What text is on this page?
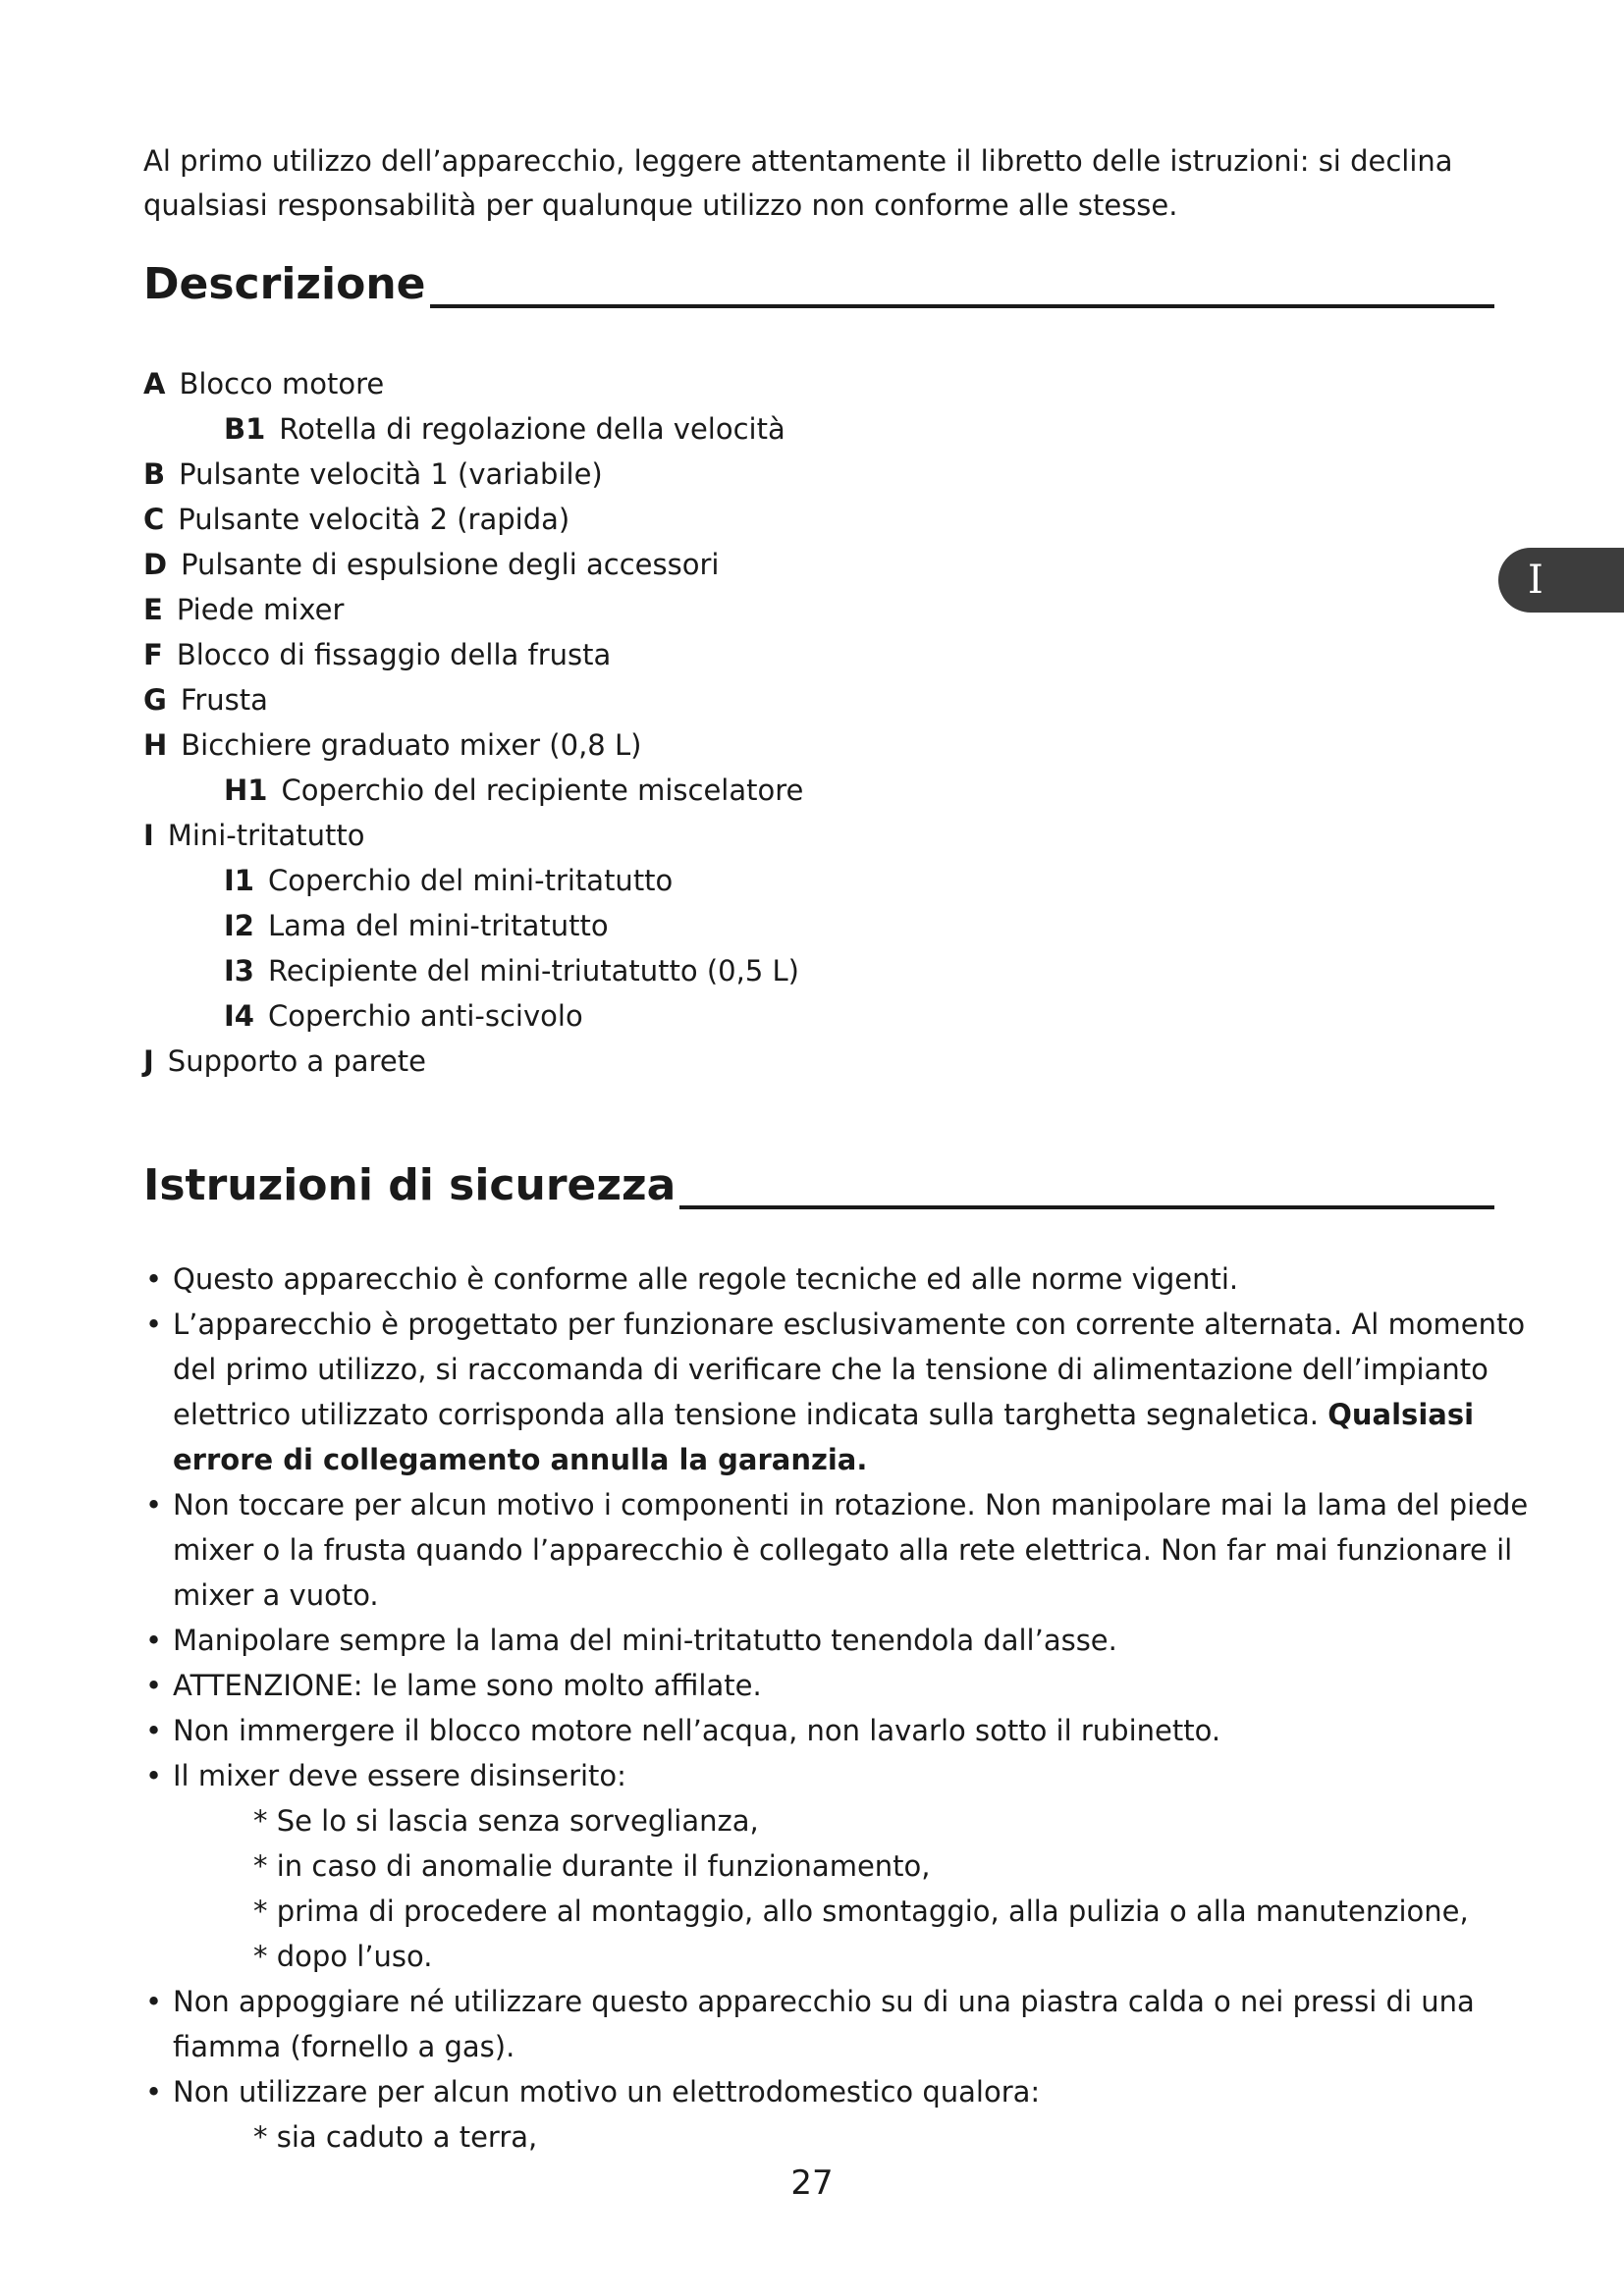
Al primo utilizzo dell’apparecchio, leggere attentamente il libretto delle istruzioni: si declina qualsiasi responsabilità per qualunque utilizzo non conforme alle stesse.

Descrizione
A Blocco motore
B1 Rotella di regolazione della velocità
B Pulsante velocità 1 (variabile)
C Pulsante velocità 2 (rapida)
D Pulsante di espulsione degli accessori
E Piede mixer
F Blocco di fissaggio della frusta
G Frusta
H Bicchiere graduato mixer (0,8 L)
H1 Coperchio del recipiente miscelatore
I Mini-tritatutto
I1 Coperchio del mini-tritatutto
I2 Lama del mini-tritatutto
I3 Recipiente del mini-triutatutto (0,5 L)
I4 Coperchio anti-scivolo
J Supporto a parete
Istruzioni di sicurezza
• Questo apparecchio è conforme alle regole tecniche ed alle norme vigenti.
• L’apparecchio è progettato per funzionare esclusivamente con corrente alternata. Al momento del primo utilizzo, si raccomanda di verificare che la tensione di alimentazione dell’impianto elettrico utilizzato corrisponda alla tensione indicata sulla targhetta segnaletica. Qualsiasi errore di collegamento annulla la garanzia.
• Non toccare per alcun motivo i componenti in rotazione. Non manipolare mai la lama del piede mixer o la frusta quando l’apparecchio è collegato alla rete elettrica. Non far mai funzionare il mixer a vuoto.
• Manipolare sempre la lama del mini-tritatutto tenendola dall’asse.
• ATTENZIONE: le lame sono molto affilate.
• Non immergere il blocco motore nell’acqua, non lavarlo sotto il rubinetto.
• Il mixer deve essere disinserito:
* Se lo si lascia senza sorveglianza,
* in caso di anomalie durante il funzionamento,
* prima di procedere al montaggio, allo smontaggio, alla pulizia o alla manutenzione,
* dopo l’uso.
• Non appoggiare né utilizzare questo apparecchio su di una piastra calda o nei pressi di una fiamma (fornello a gas).
• Non utilizzare per alcun motivo un elettrodomestico qualora:
* sia caduto a terra,
I
27
